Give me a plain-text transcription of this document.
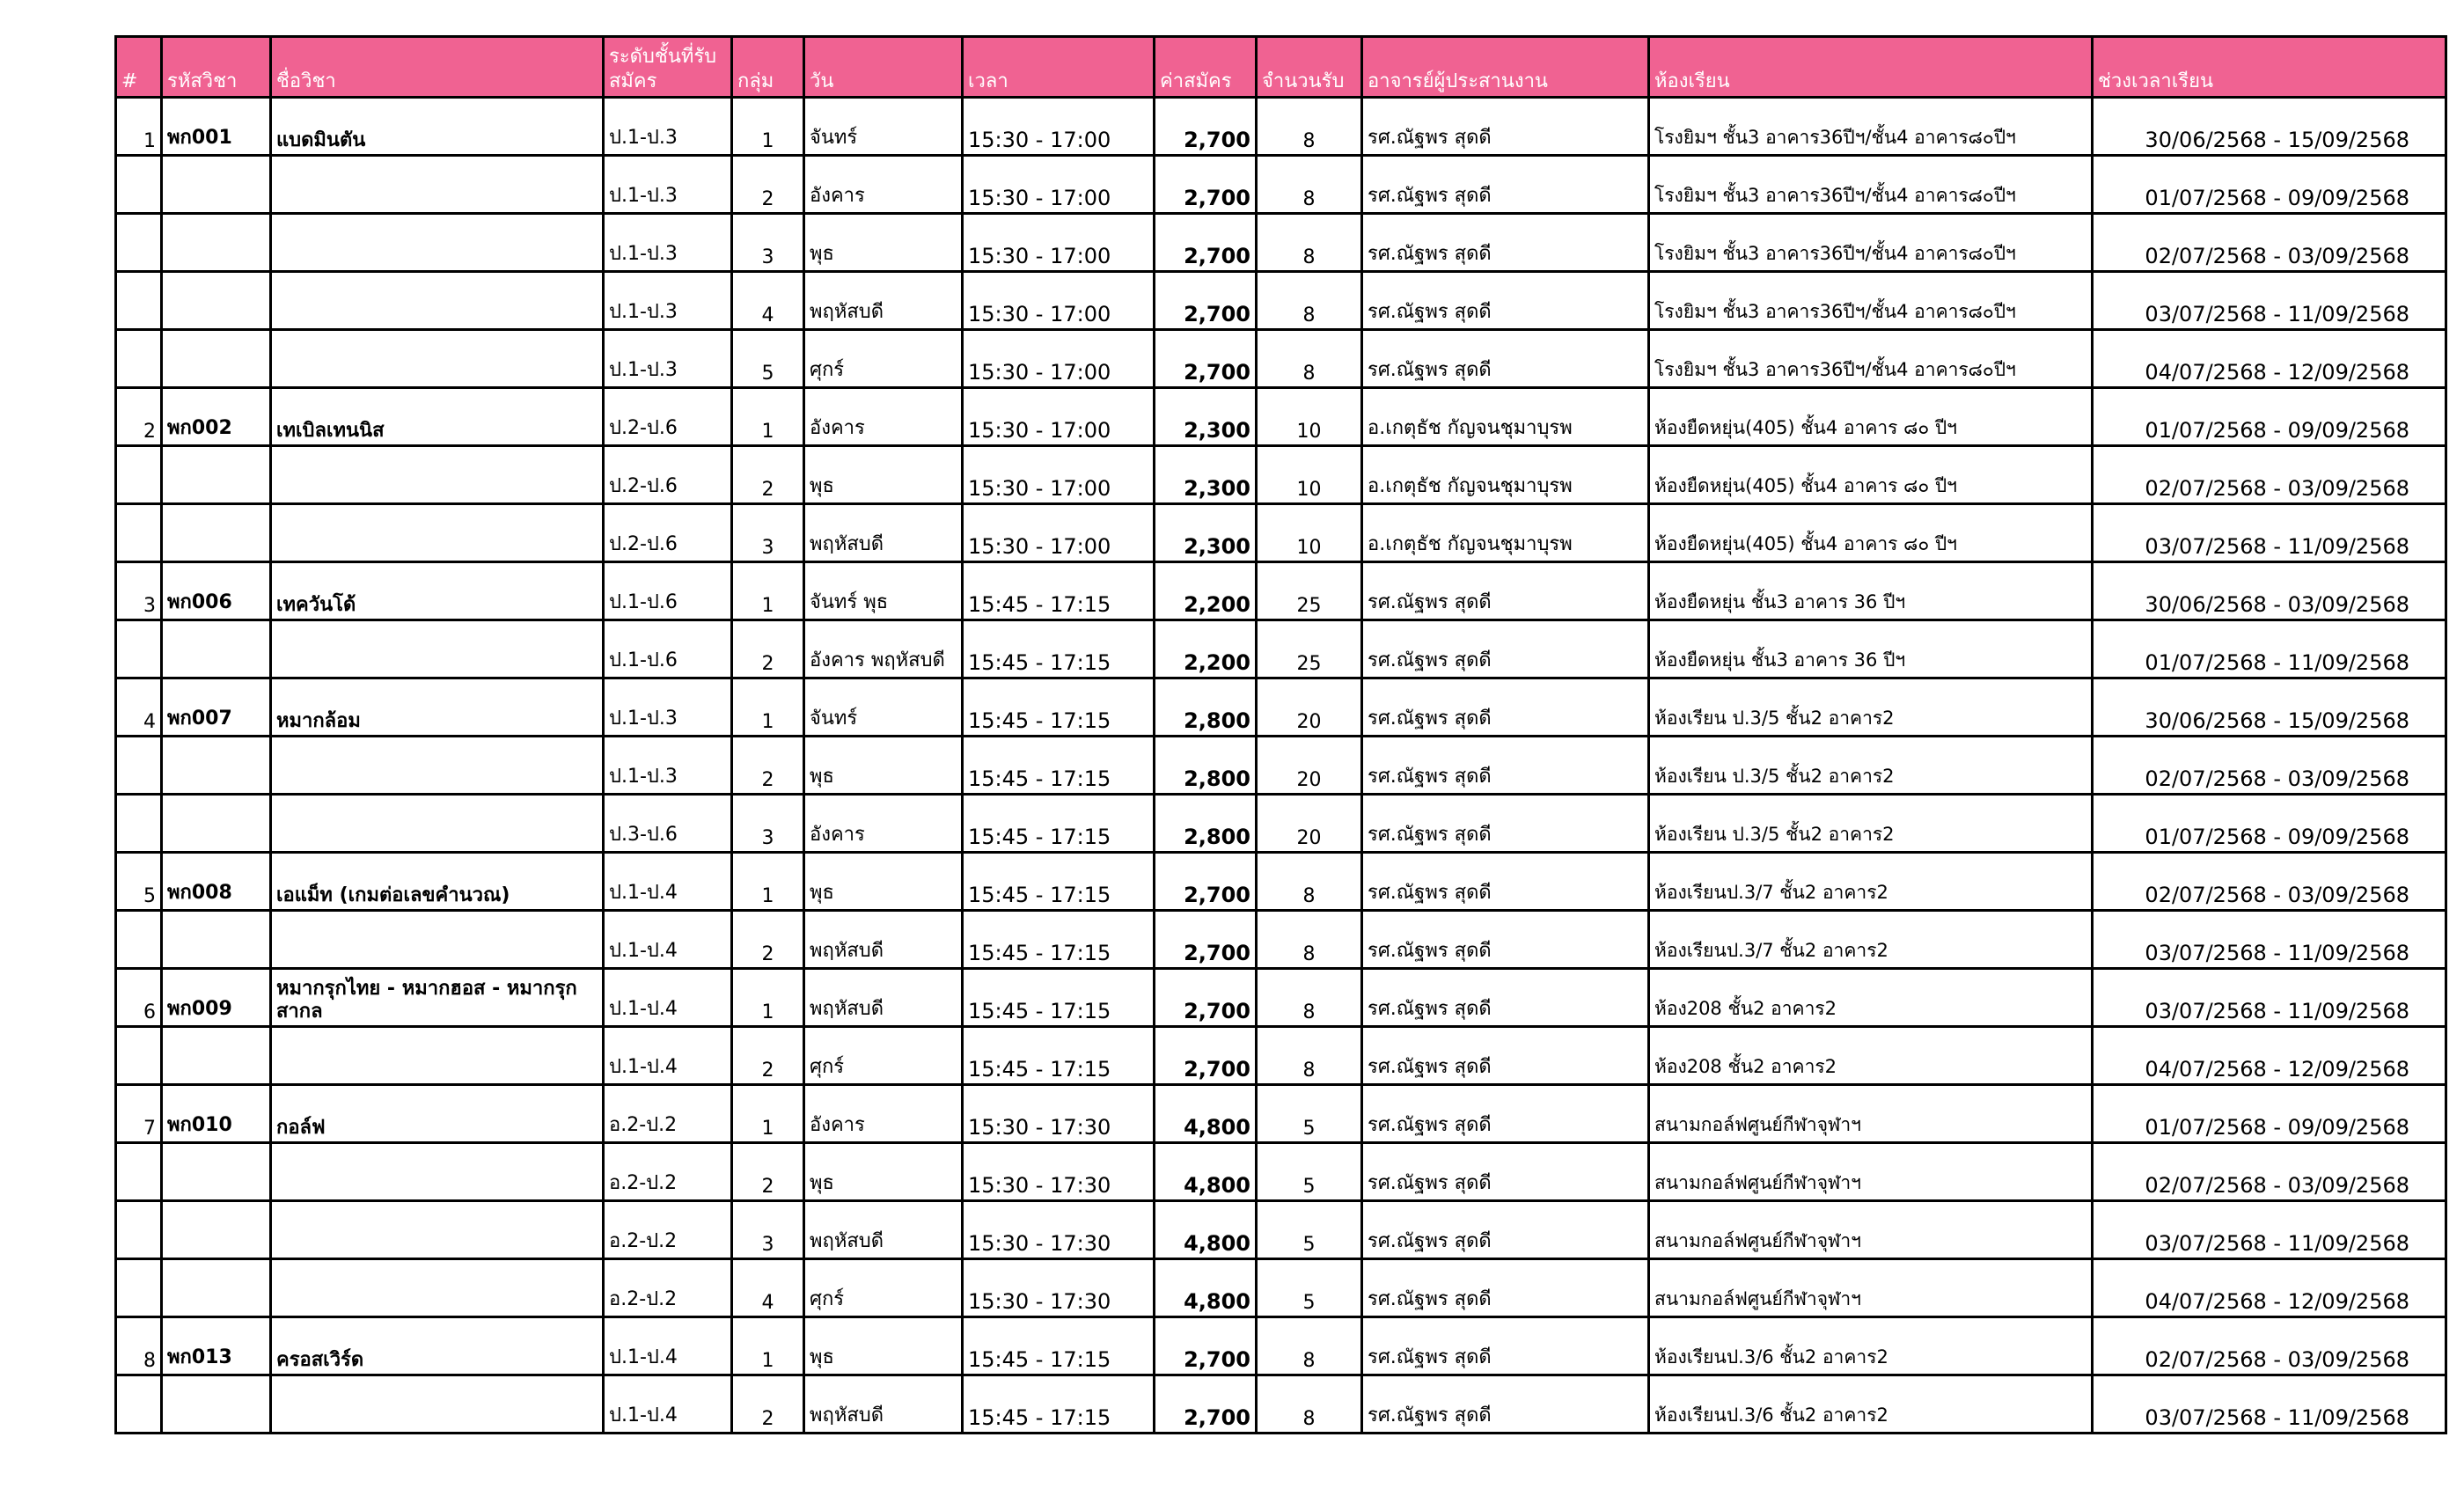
#	รหัสวิชา	ชื่อวิชา	ระดับชั้นที่รับสมัคร	กลุ่ม	วัน	เวลา	ค่าสมัคร	จำนวนรับ	อาจารย์ผู้ประสานงาน	ห้องเรียน	ช่วงเวลาเรียน
1	พก001	แบดมินตัน	ป.1-ป.3	1	จันทร์	15:30 - 17:00	2,700	8	รศ.ณัฐพร สุดดี	โรงยิมฯ ชั้น3 อาคาร36ปีฯ/ชั้น4 อาคาร๘๐ปีฯ	30/06/2568 - 15/09/2568
			ป.1-ป.3	2	อังคาร	15:30 - 17:00	2,700	8	รศ.ณัฐพร สุดดี	โรงยิมฯ ชั้น3 อาคาร36ปีฯ/ชั้น4 อาคาร๘๐ปีฯ	01/07/2568 - 09/09/2568
			ป.1-ป.3	3	พุธ	15:30 - 17:00	2,700	8	รศ.ณัฐพร สุดดี	โรงยิมฯ ชั้น3 อาคาร36ปีฯ/ชั้น4 อาคาร๘๐ปีฯ	02/07/2568 - 03/09/2568
			ป.1-ป.3	4	พฤหัสบดี	15:30 - 17:00	2,700	8	รศ.ณัฐพร สุดดี	โรงยิมฯ ชั้น3 อาคาร36ปีฯ/ชั้น4 อาคาร๘๐ปีฯ	03/07/2568 - 11/09/2568
			ป.1-ป.3	5	ศุกร์	15:30 - 17:00	2,700	8	รศ.ณัฐพร สุดดี	โรงยิมฯ ชั้น3 อาคาร36ปีฯ/ชั้น4 อาคาร๘๐ปีฯ	04/07/2568 - 12/09/2568
2	พก002	เทเบิลเทนนิส	ป.2-ป.6	1	อังคาร	15:30 - 17:00	2,300	10	อ.เกตุธัช กัญจนชุมาบุรพ	ห้องยืดหยุ่น(405) ชั้น4 อาคาร ๘๐ ปีฯ	01/07/2568 - 09/09/2568
			ป.2-ป.6	2	พุธ	15:30 - 17:00	2,300	10	อ.เกตุธัช กัญจนชุมาบุรพ	ห้องยืดหยุ่น(405) ชั้น4 อาคาร ๘๐ ปีฯ	02/07/2568 - 03/09/2568
			ป.2-ป.6	3	พฤหัสบดี	15:30 - 17:00	2,300	10	อ.เกตุธัช กัญจนชุมาบุรพ	ห้องยืดหยุ่น(405) ชั้น4 อาคาร ๘๐ ปีฯ	03/07/2568 - 11/09/2568
3	พก006	เทควันโด้	ป.1-ป.6	1	จันทร์ พุธ	15:45 - 17:15	2,200	25	รศ.ณัฐพร สุดดี	ห้องยืดหยุ่น ชั้น3 อาคาร 36 ปีฯ	30/06/2568 - 03/09/2568
			ป.1-ป.6	2	อังคาร พฤหัสบดี	15:45 - 17:15	2,200	25	รศ.ณัฐพร สุดดี	ห้องยืดหยุ่น ชั้น3 อาคาร 36 ปีฯ	01/07/2568 - 11/09/2568
4	พก007	หมากล้อม	ป.1-ป.3	1	จันทร์	15:45 - 17:15	2,800	20	รศ.ณัฐพร สุดดี	ห้องเรียน ป.3/5 ชั้น2 อาคาร2	30/06/2568 - 15/09/2568
			ป.1-ป.3	2	พุธ	15:45 - 17:15	2,800	20	รศ.ณัฐพร สุดดี	ห้องเรียน ป.3/5 ชั้น2 อาคาร2	02/07/2568 - 03/09/2568
			ป.3-ป.6	3	อังคาร	15:45 - 17:15	2,800	20	รศ.ณัฐพร สุดดี	ห้องเรียน ป.3/5 ชั้น2 อาคาร2	01/07/2568 - 09/09/2568
5	พก008	เอแม็ท (เกมต่อเลขคำนวณ)	ป.1-ป.4	1	พุธ	15:45 - 17:15	2,700	8	รศ.ณัฐพร สุดดี	ห้องเรียนป.3/7 ชั้น2 อาคาร2	02/07/2568 - 03/09/2568
			ป.1-ป.4	2	พฤหัสบดี	15:45 - 17:15	2,700	8	รศ.ณัฐพร สุดดี	ห้องเรียนป.3/7 ชั้น2 อาคาร2	03/07/2568 - 11/09/2568
6	พก009	หมากรุกไทย - หมากฮอส - หมากรุกสากล	ป.1-ป.4	1	พฤหัสบดี	15:45 - 17:15	2,700	8	รศ.ณัฐพร สุดดี	ห้อง208 ชั้น2 อาคาร2	03/07/2568 - 11/09/2568
			ป.1-ป.4	2	ศุกร์	15:45 - 17:15	2,700	8	รศ.ณัฐพร สุดดี	ห้อง208 ชั้น2 อาคาร2	04/07/2568 - 12/09/2568
7	พก010	กอล์ฟ	อ.2-ป.2	1	อังคาร	15:30 - 17:30	4,800	5	รศ.ณัฐพร สุดดี	สนามกอล์ฟศูนย์กีฬาจุฬาฯ	01/07/2568 - 09/09/2568
			อ.2-ป.2	2	พุธ	15:30 - 17:30	4,800	5	รศ.ณัฐพร สุดดี	สนามกอล์ฟศูนย์กีฬาจุฬาฯ	02/07/2568 - 03/09/2568
			อ.2-ป.2	3	พฤหัสบดี	15:30 - 17:30	4,800	5	รศ.ณัฐพร สุดดี	สนามกอล์ฟศูนย์กีฬาจุฬาฯ	03/07/2568 - 11/09/2568
			อ.2-ป.2	4	ศุกร์	15:30 - 17:30	4,800	5	รศ.ณัฐพร สุดดี	สนามกอล์ฟศูนย์กีฬาจุฬาฯ	04/07/2568 - 12/09/2568
8	พก013	ครอสเวิร์ด	ป.1-ป.4	1	พุธ	15:45 - 17:15	2,700	8	รศ.ณัฐพร สุดดี	ห้องเรียนป.3/6 ชั้น2 อาคาร2	02/07/2568 - 03/09/2568
			ป.1-ป.4	2	พฤหัสบดี	15:45 - 17:15	2,700	8	รศ.ณัฐพร สุดดี	ห้องเรียนป.3/6 ชั้น2 อาคาร2	03/07/2568 - 11/09/2568
